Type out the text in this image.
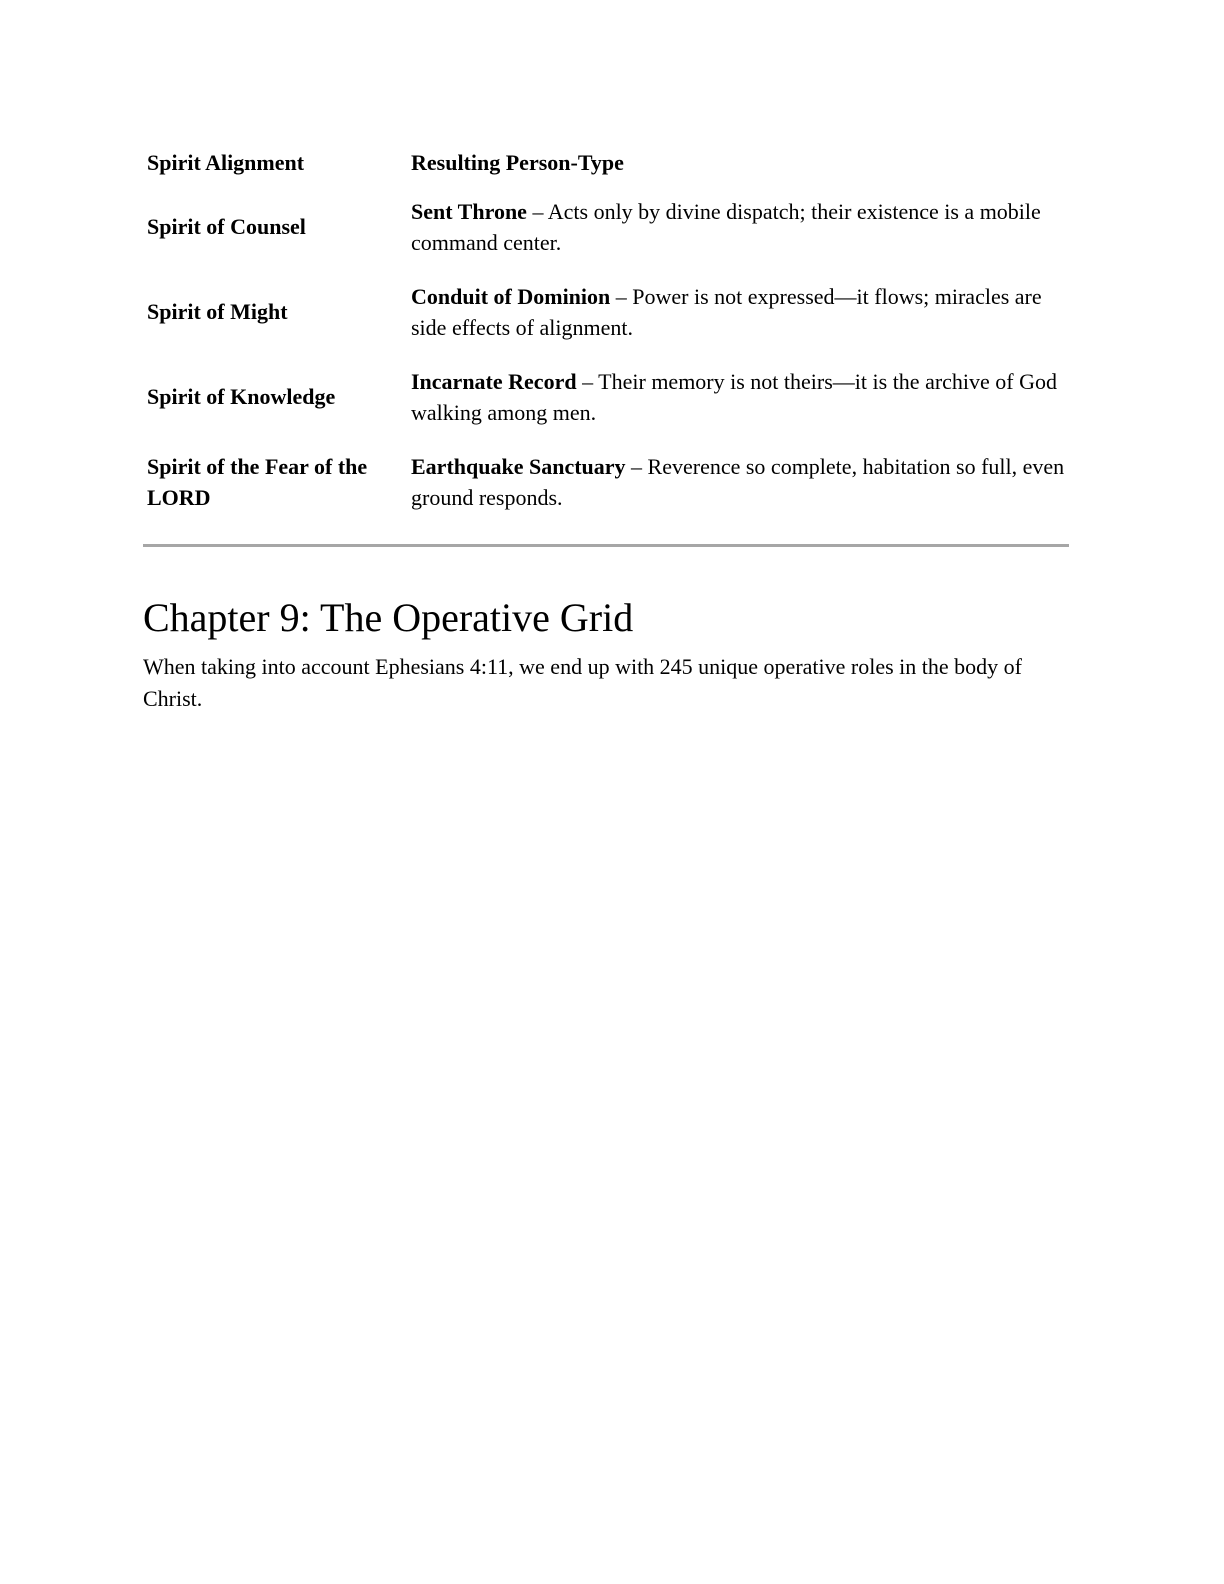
Spirit Alignment	Resulting Person-Type
Spirit of Counsel	Sent Throne – Acts only by divine dispatch; their existence is a mobile command center.
Spirit of Might	Conduit of Dominion – Power is not expressed—it flows; miracles are side effects of alignment.
Spirit of Knowledge	Incarnate Record – Their memory is not theirs—it is the archive of God walking among men.
Spirit of the Fear of the LORD	Earthquake Sanctuary – Reverence so complete, habitation so full, even ground responds.
Chapter 9: The Operative Grid

When taking into account Ephesians 4:11, we end up with 245 unique operative roles in the body of Christ.
